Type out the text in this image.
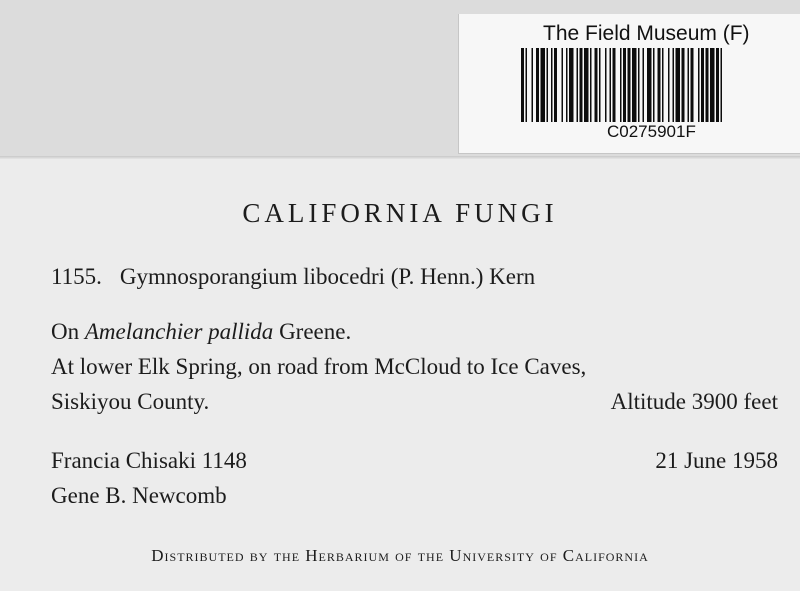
The Field Museum (F)
C0275901F
CALIFORNIA FUNGI
1155. Gymnosporangium libocedri (P. Henn.) Kern
On Amelanchier pallida Greene.
At lower Elk Spring, on road from McCloud to Ice Caves,
Siskiyou County.	Altitude 3900 feet
Francia Chisaki 1148	21 June 1958
Gene B. Newcomb
Distributed by the Herbarium of the University of California
